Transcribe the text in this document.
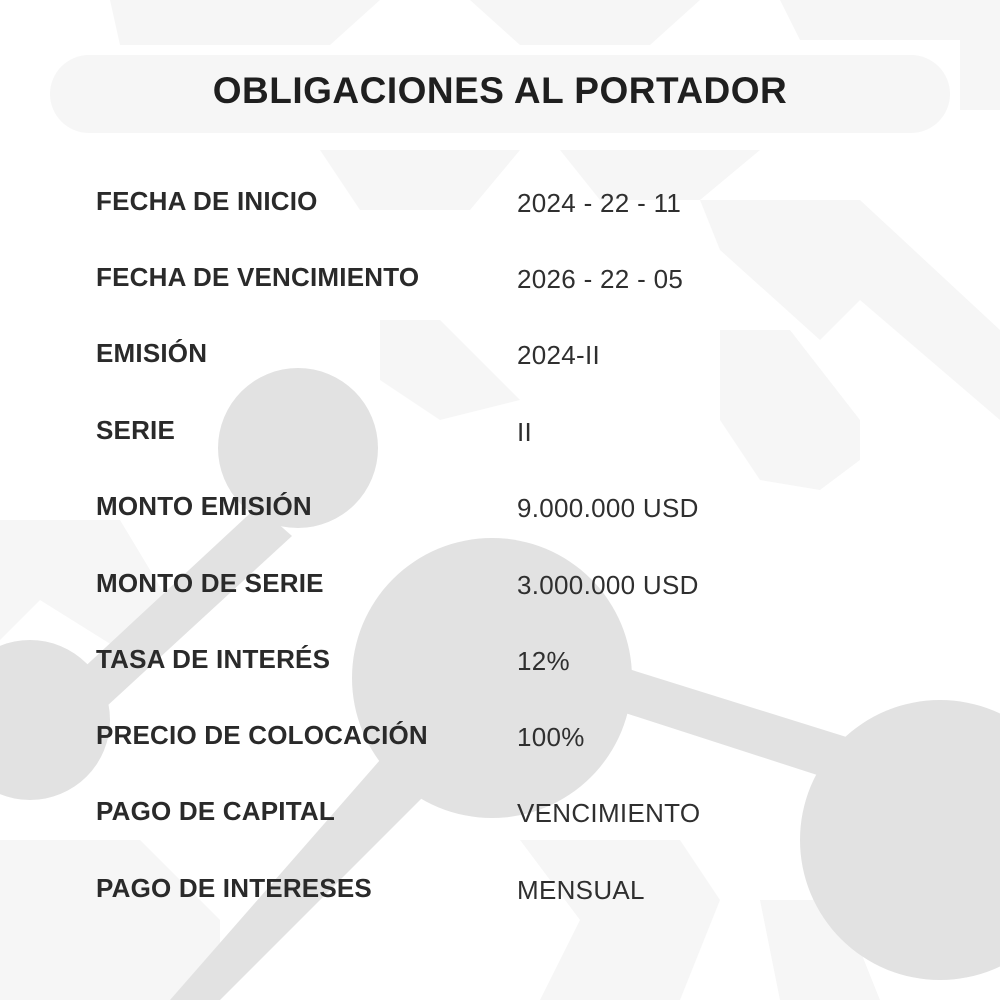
OBLIGACIONES AL PORTADOR
FECHA DE INICIO	2024 - 22 - 11
FECHA DE VENCIMIENTO	2026 - 22 - 05
EMISIÓN	2024-II
SERIE	II
MONTO EMISIÓN	9.000.000 USD
MONTO DE SERIE	3.000.000 USD
TASA DE INTERÉS	12%
PRECIO DE COLOCACIÓN	100%
PAGO DE CAPITAL	VENCIMIENTO
PAGO DE INTERESES	MENSUAL
